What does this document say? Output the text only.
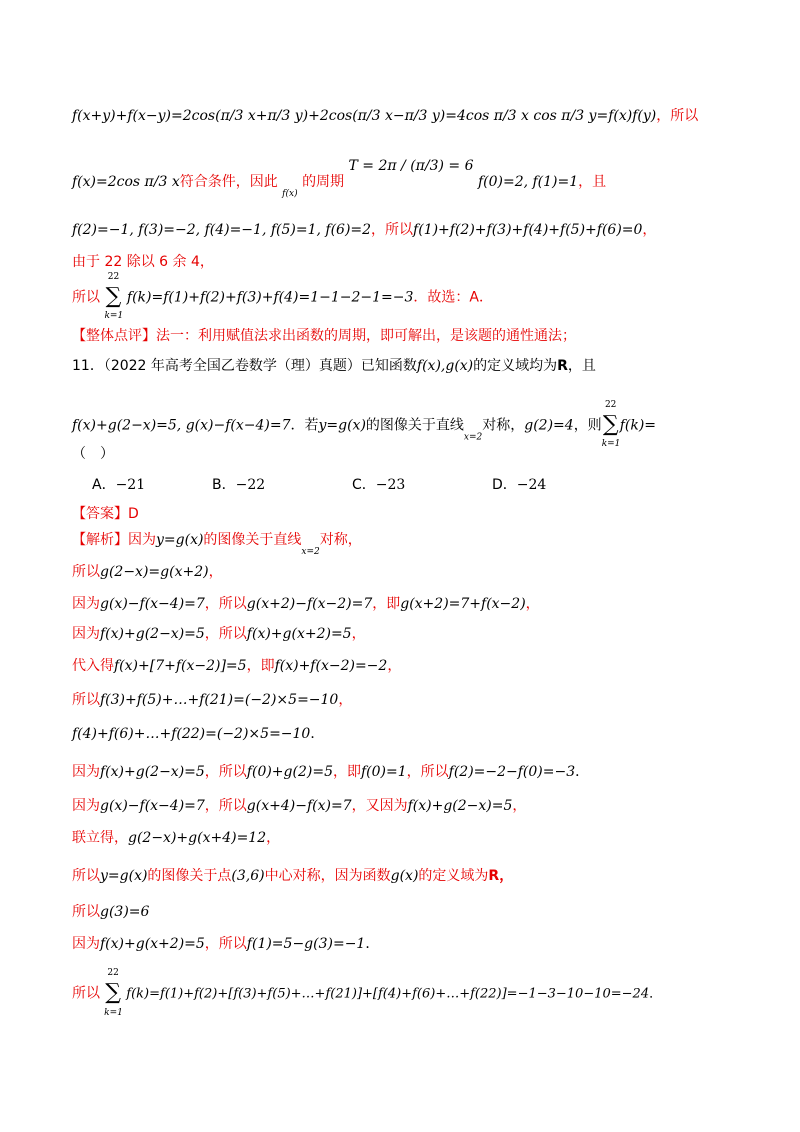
f(x+y)+f(x−y)=2cos(π/3 x+π/3 y)+2cos(π/3 x−π/3 y)=4cos π/3 x cos π/3 y=f(x)f(y)，所以
f(x)=2cos π/3 x符合条件，因此 $_{f(x)}$ 的周期 T = 2π / (π/3) = 6 f(0)=2, f(1)=1，且
f(2)=−1, f(3)=−2, f(4)=−1, f(5)=1, f(6)=2，所以f(1)+f(2)+f(3)+f(4)+f(5)+f(6)=0，
由于 22 除以 6 余 4，
所以
22
∑
k=1
f(k)=f(1)+f(2)+f(3)+f(4)=1−1−2−1=−3．故选：A．
【整体点评】法一：利用赋值法求出函数的周期，即可解出，是该题的通性通法；
11．（2022 年高考全国乙卷数学（理）真题）已知函数f(x),g(x)的定义域均为R，且
f(x)+g(2−x)=5, g(x)−f(x−4)=7．若y=g(x)的图像关于直线$_{x=2}$对称，g(2)=4，则
22
∑
k=1
f(k)=
（　）
A．−21	B．−22	C．−23	D．−24
【答案】D
【解析】因为y=g(x)的图像关于直线$_{x=2}$对称，
所以g(2−x)=g(x+2)，
因为g(x)−f(x−4)=7，所以g(x+2)−f(x−2)=7，即g(x+2)=7+f(x−2)，
因为f(x)+g(2−x)=5，所以f(x)+g(x+2)=5，
代入得f(x)+[7+f(x−2)]=5，即f(x)+f(x−2)=−2，
所以f(3)+f(5)+…+f(21)=(−2)×5=−10，
f(4)+f(6)+…+f(22)=(−2)×5=−10．
因为f(x)+g(2−x)=5，所以f(0)+g(2)=5，即f(0)=1，所以f(2)=−2−f(0)=−3．
因为g(x)−f(x−4)=7，所以g(x+4)−f(x)=7，又因为f(x)+g(2−x)=5，
联立得，g(2−x)+g(x+4)=12，
所以y=g(x)的图像关于点(3,6)中心对称，因为函数g(x)的定义域为R，
所以g(3)=6
因为f(x)+g(x+2)=5，所以f(1)=5−g(3)=−1．
所以
22
∑
k=1
f(k)=f(1)+f(2)+[f(3)+f(5)+…+f(21)]+[f(4)+f(6)+…+f(22)]=−1−3−10−10=−24．
